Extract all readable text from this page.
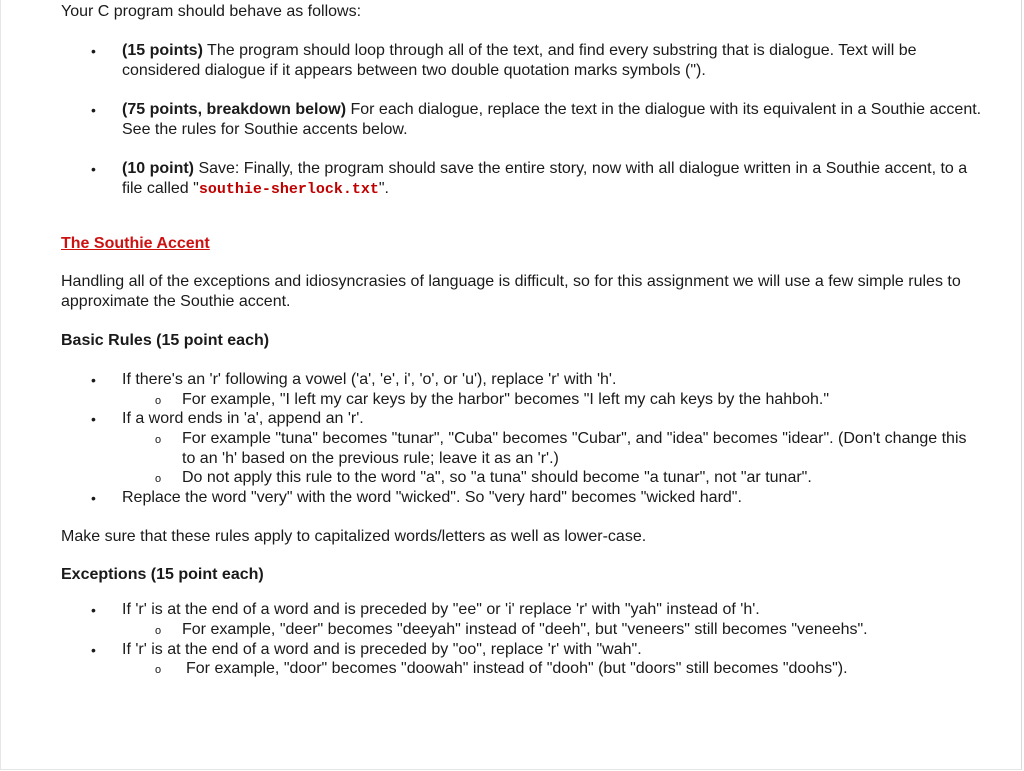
Your C program should behave as follows:
• (15 points) The program should loop through all of the text, and find every substring that is dialogue. Text will be considered dialogue if it appears between two double quotation marks symbols (").
• (75 points, breakdown below) For each dialogue, replace the text in the dialogue with its equivalent in a Southie accent. See the rules for Southie accents below.
• (10 point) Save: Finally, the program should save the entire story, now with all dialogue written in a Southie accent, to a file called "southie-sherlock.txt".
The Southie Accent
Handling all of the exceptions and idiosyncrasies of language is difficult, so for this assignment we will use a few simple rules to approximate the Southie accent.
Basic Rules (15 point each)
• If there's an 'r' following a vowel ('a', 'e', i', 'o', or 'u'), replace 'r' with 'h'.
o For example, "I left my car keys by the harbor" becomes "I left my cah keys by the hahboh."
• If a word ends in 'a', append an 'r'.
o For example "tuna" becomes "tunar", "Cuba" becomes "Cubar", and "idea" becomes "idear". (Don't change this to an 'h' based on the previous rule; leave it as an 'r'.)
o Do not apply this rule to the word "a", so "a tuna" should become "a tunar", not "ar tunar".
• Replace the word "very" with the word "wicked". So "very hard" becomes "wicked hard".
Make sure that these rules apply to capitalized words/letters as well as lower-case.
Exceptions (15 point each)
• If 'r' is at the end of a word and is preceded by "ee" or 'i' replace 'r' with "yah" instead of 'h'.
o For example, "deer" becomes "deeyah" instead of "deeh", but "veneers" still becomes "veneehs".
• If 'r' is at the end of a word and is preceded by "oo", replace 'r' with "wah".
o For example, "door" becomes "doowah" instead of "dooh" (but "doors" still becomes "doohs").
